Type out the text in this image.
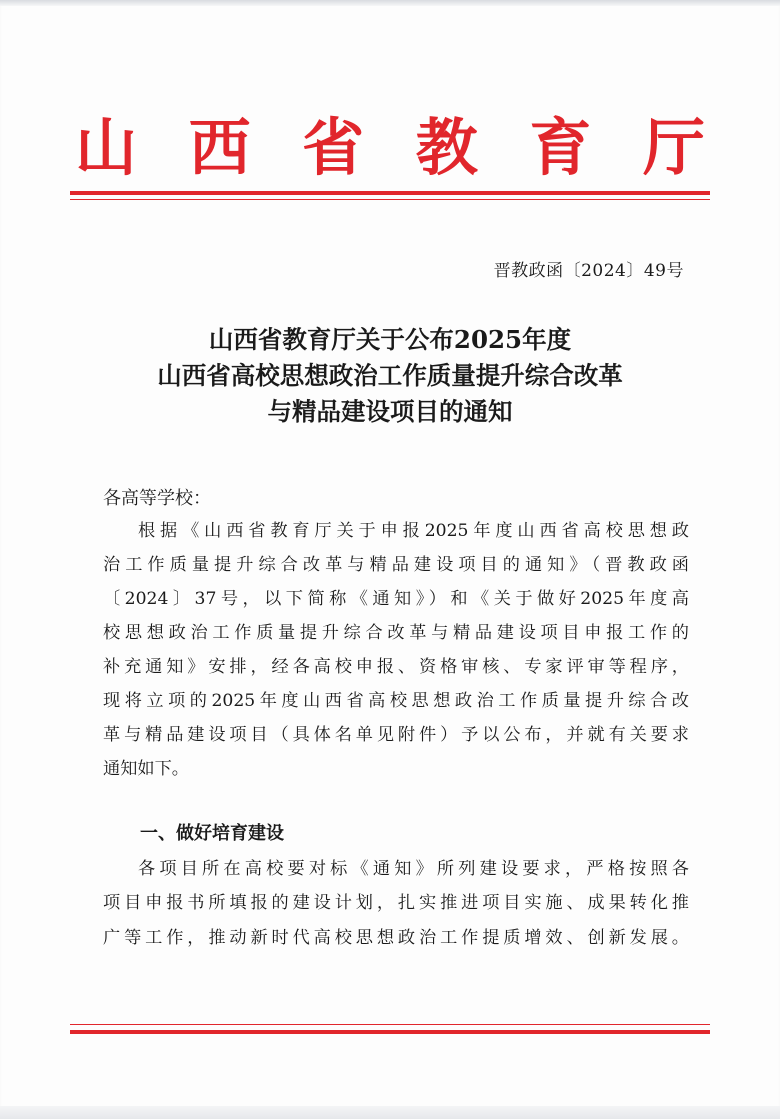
山 西 省 教 育 厅
晋教政函〔2024〕49号
山西省教育厅关于公布2025年度
山西省高校思想政治工作质量提升综合改革
与精品建设项目的通知
各高等学校：
根据《山西省教育厅关于申报2025年度山西省高校思想政
治工作质量提升综合改革与精品建设项目的通知》（晋教政函
〔2024〕37号，以下简称《通知》）和《关于做好2025年度高
校思想政治工作质量提升综合改革与精品建设项目申报工作的
补充通知》安排，经各高校申报、资格审核、专家评审等程序，
现将立项的2025年度山西省高校思想政治工作质量提升综合改
革与精品建设项目（具体名单见附件）予以公布，并就有关要求
通知如下。
一、做好培育建设
各项目所在高校要对标《通知》所列建设要求，严格按照各
项目申报书所填报的建设计划，扎实推进项目实施、成果转化推
广等工作，推动新时代高校思想政治工作提质增效、创新发展。
